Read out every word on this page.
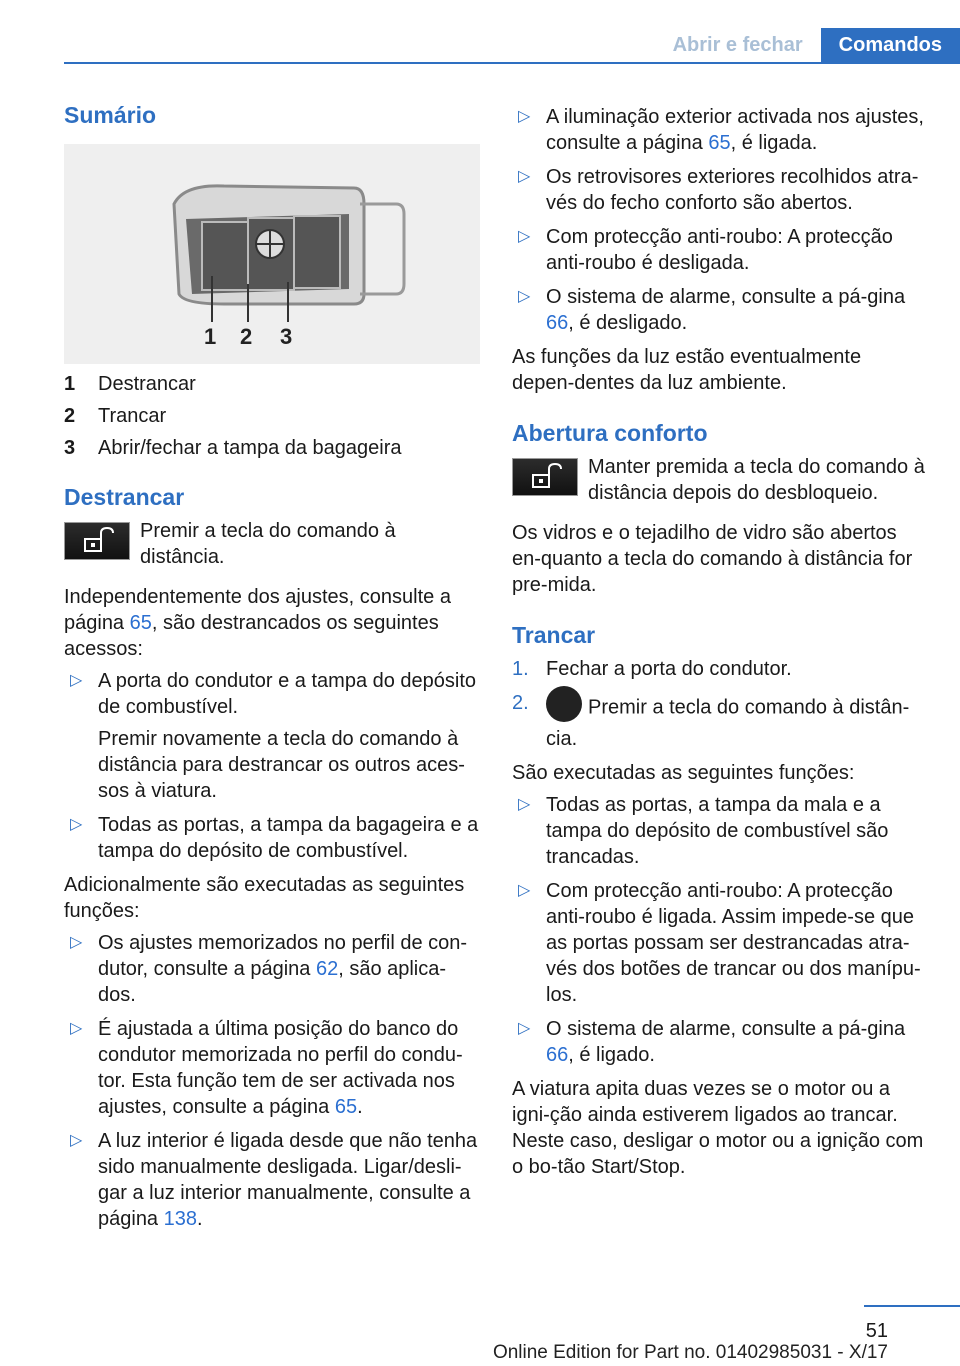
Abrir e fechar	Comandos
Sumário
1 2 3
1	Destrancar
2	Trancar
3	Abrir/fechar a tampa da bagageira
Destrancar

Premir a tecla do comando à distância.

Independentemente dos ajustes, consulte a página 65, são destrancados os seguintes acessos:

▷ A porta do condutor e a tampa do depósito de combustível.

Premir novamente a tecla do comando à distância para destrancar os outros aces-sos à viatura.

▷ Todas as portas, a tampa da bagageira e a tampa do depósito de combustível.

Adicionalmente são executadas as seguintes funções:

▷ Os ajustes memorizados no perfil de con-dutor, consulte a página 62, são aplica-dos.

▷ É ajustada a última posição do banco do condutor memorizada no perfil do condu-tor. Esta função tem de ser activada nos ajustes, consulte a página 65.

▷ A luz interior é ligada desde que não tenha sido manualmente desligada. Ligar/desli-gar a luz interior manualmente, consulte a página 138.

▷ A iluminação exterior activada nos ajustes, consulte a página 65, é ligada.

▷ Os retrovisores exteriores recolhidos atra-vés do fecho conforto são abertos.

▷ Com protecção anti-roubo: A protecção anti-roubo é desligada.

▷ O sistema de alarme, consulte a pá-gina 66, é desligado.

As funções da luz estão eventualmente depen-dentes da luz ambiente.

Abertura conforto

Manter premida a tecla do comando à distância depois do desbloqueio.

Os vidros e o tejadilho de vidro são abertos en-quanto a tecla do comando à distância for pre-mida.

Trancar
1. Fechar a porta do condutor.

2.	Premir a tecla do comando à distân-cia.

São executadas as seguintes funções:

▷ Todas as portas, a tampa da mala e a tampa do depósito de combustível são trancadas.

▷ Com protecção anti-roubo: A protecção anti-roubo é ligada. Assim impede-se que as portas possam ser destrancadas atra-vés dos botões de trancar ou dos manípu-los.

▷ O sistema de alarme, consulte a pá-gina 66, é ligado.

A viatura apita duas vezes se o motor ou a igni-ção ainda estiverem ligados ao trancar. Neste caso, desligar o motor ou a ignição com o bo-tão Start/Stop.

51
Online Edition for Part no. 01402985031 - X/17
